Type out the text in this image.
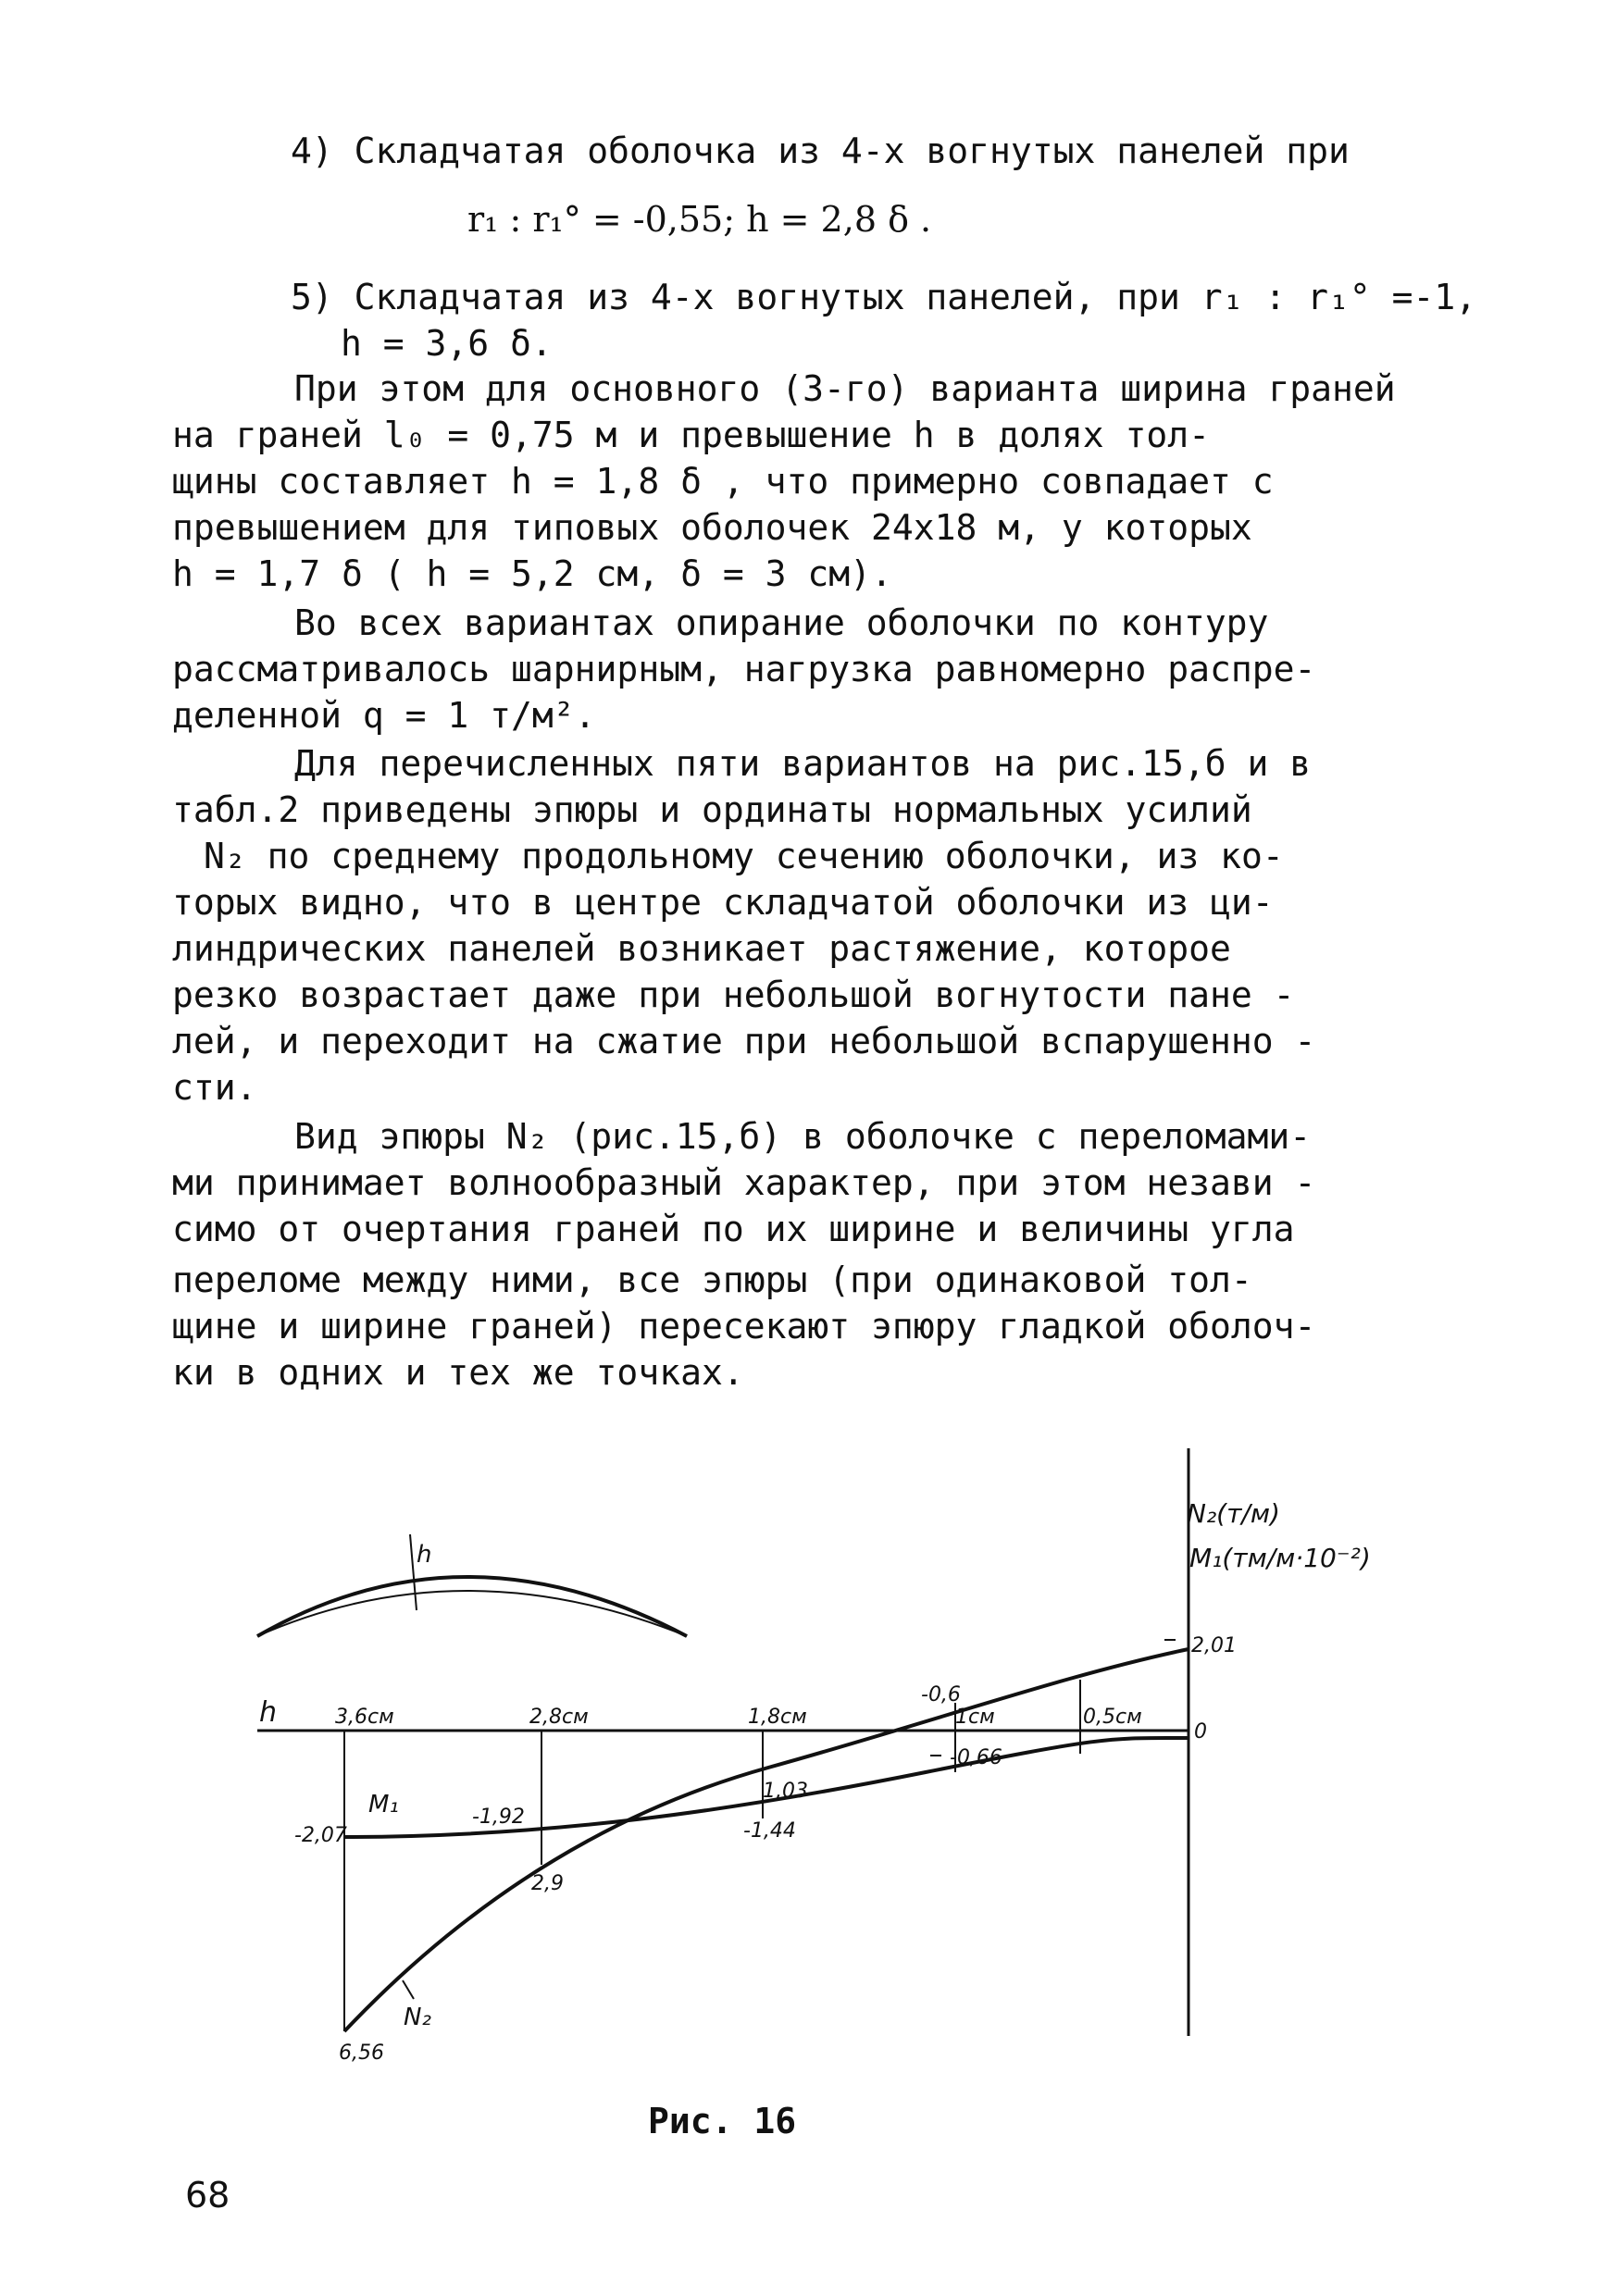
4) Складчатая оболочка из 4-х вогнутых панелей при
r₁ : r₁° = -0,55; h = 2,8 δ .
5) Складчатая из 4-х вогнутых панелей, при r₁ : r₁° =-1,
h = 3,6 δ.
При этом для основного (3-го) варианта ширина граней
на граней l₀ = 0,75 м и превышение h в долях тол-
щины составляет h = 1,8 δ , что примерно совпадает с
превышением для типовых оболочек 24x18 м, у которых
h = 1,7 δ ( h = 5,2 см, δ = 3 см).
Во всех вариантах опирание оболочки по контуру
рассматривалось шарнирным, нагрузка равномерно распре-
деленной q = 1 т/м².
Для перечисленных пяти вариантов на рис.15,б и в
табл.2 приведены эпюры и ординаты нормальных усилий
N₂ по среднему продольному сечению оболочки, из ко-
торых видно, что в центре складчатой оболочки из ци-
линдрических панелей возникает растяжение, которое
резко возрастает даже при небольшой вогнутости пане -
лей, и переходит на сжатие при небольшой вспарушенно -
сти.
Вид эпюры N₂ (рис.15,б) в оболочке с переломами-
ми принимает волнообразный характер, при этом незави -
симо от очертания граней по их ширине и величины угла
переломе между ними, все эпюры (при одинаковой тол-
щине и ширине граней) пересекают эпюру гладкой оболоч-
ки в одних и тех же точках.
h
N₂(т/м)
M₁(тм/м·10⁻²)
h	3,6см	2,8см	1,8см	1см	0,5см
0
-2,07
-1,92
-1,44
-0,66
M₁
N₂
6,56
2,9
1,03
-0,6
2,01
Рис. 16
68
